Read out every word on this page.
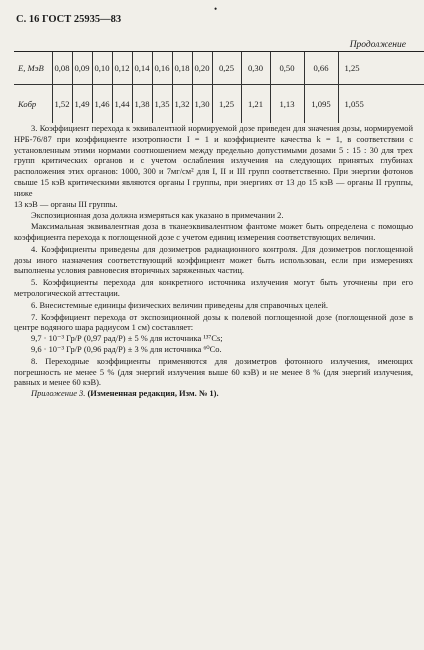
•
С. 16 ГОСТ 25935—83
Продолжение
E, МэВ	0,08	0,09	0,10	0,12	0,14	0,16	0,18	0,20	0,25	0,30	0,50	0,66	1,25
Кобр	1,52	1,49	1,46	1,44	1,38	1,35	1,32	1,30	1,25	1,21	1,13	1,095	1,055

3. Коэффициент перехода к эквивалентной нормируемой дозе приведен для значения дозы, нормируемой НРБ-76/87 при коэффициенте изотропности I = 1 и коэффициенте качества k = 1, в соответствии с установленным этими нормами соотношением между предельно допустимыми дозами 5 : 15 : 30 для трех групп критических органов и с учетом ослабления излучения на следующих принятых глубинах расположения этих органов: 1000, 300 и 7мг/см² для I, II и III групп соответственно. При энергии фотонов свыше 15 кэВ критическими являются органы I группы, при энергиях от 13 до 15 кэВ — органы II группы, ниже

13 кэВ — органы III группы.

Экспозиционная доза должна измеряться как указано в примечании 2.

Максимальная эквивалентная доза в тканеэквивалентном фантоме может быть определена с помощью коэффициента перехода к поглощенной дозе с учетом единиц измерения соответствующих величин.

4. Коэффициенты приведены для дозиметров радиационного контроля. Для дозиметров поглощенной дозы иного назначения соответствующий коэффициент может быть использован, если при измерениях выполнены условия равновесия вторичных заряженных частиц.

5. Коэффициенты перехода для конкретного источника излучения могут быть уточнены при его метрологической аттестации.

6. Внесистемные единицы физических величин приведены для справочных целей.

7. Коэффициент перехода от экспозиционной дозы к полевой поглощенной дозе (поглощенной дозе в центре водяного шара радиусом 1 см) составляет:

9,7 · 10⁻³ Гр/Р (0,97 рад/Р) ± 5 % для источника ¹³⁷Cs;

9,6 · 10⁻³ Гр/Р (0,96 рад/Р) ± 3 % для источника ⁶⁰Co.

8. Переходные коэффициенты применяются для дозиметров фотонного излучения, имеющих погрешность не менее 5 % (для энергий излучения выше 60 кэВ) и не менее 8 % (для энергий излучения, равных и менее 60 кэВ).

Приложение 3. (Измененная редакция, Изм. № 1).
